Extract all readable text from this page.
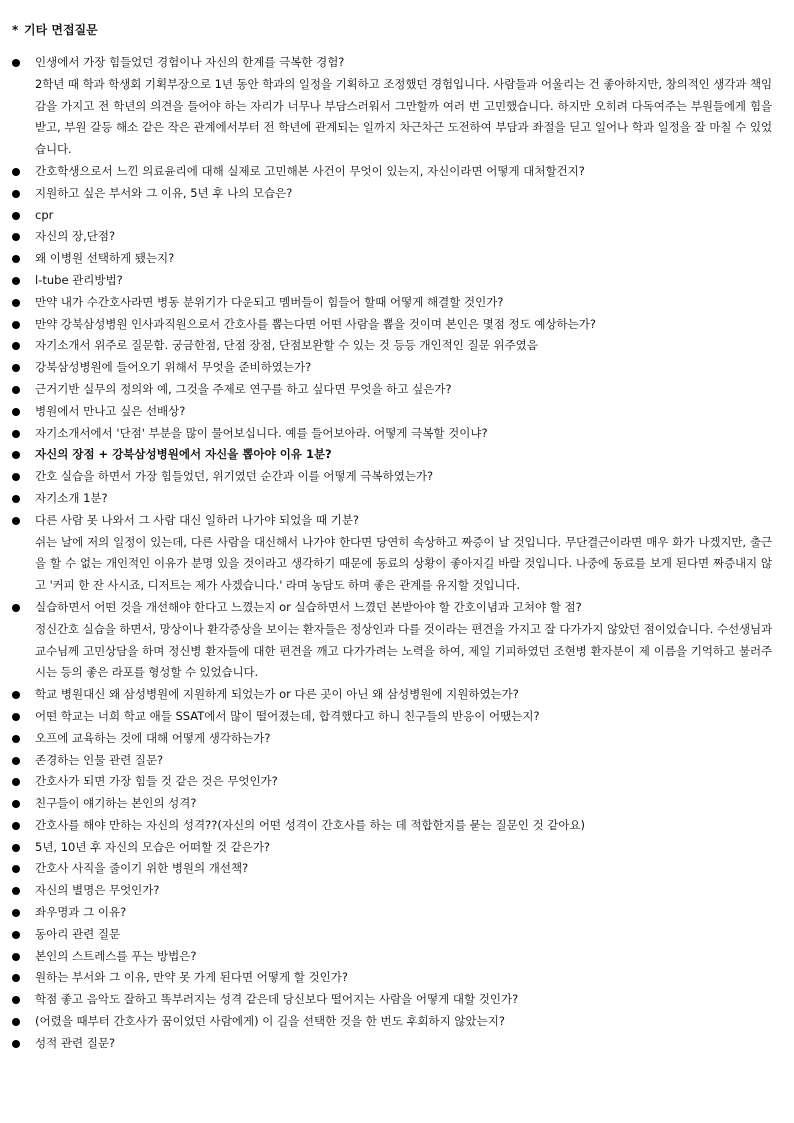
* 기타 면접질문
인생에서 가장 힘들었던 경험이나 자신의 한계를 극복한 경험?
2학년 때 학과 학생회 기획부장으로 1년 동안 학과의 일정을 기획하고 조정했던 경험입니다. 사람들과 어울리는 건 좋아하지만, 창의적인 생각과 책임감을 가지고 전 학년의 의견을 들어야 하는 자리가 너무나 부담스러워서 그만할까 여러 번 고민했습니다. 하지만 오히려 다독여주는 부원들에게 힘을 받고, 부원 갈등 해소 같은 작은 관계에서부터 전 학년에 관계되는 일까지 차근차근 도전하여 부담과 좌절을 딛고 일어나 학과 일정을 잘 마칠 수 있었습니다.
간호학생으로서 느낀 의료윤리에 대해 실제로 고민해본 사건이 무엇이 있는지, 자신이라면 어떻게 대처할건지?
지원하고 싶은 부서와 그 이유, 5년 후 나의 모습은?
cpr
자신의 장,단점?
왜 이병원 선택하게 됐는지?
l-tube 관리방법?
만약 내가 수간호사라면 병동 분위기가 다운되고 멤버들이 힘들어 할때 어떻게 해결할 것인가?
만약 강북삼성병원 인사과직원으로서 간호사를 뽑는다면 어떤 사람을 뽑을 것이며 본인은 몇점 정도 예상하는가?
자기소개서 위주로 질문함. 궁금한점, 단점 장점, 단점보완할 수 있는 것 등등 개인적인 질문 위주였음
강북삼성병원에 들어오기 위해서 무엇을 준비하였는가?
근거기반 실무의 정의와 예, 그것을 주제로 연구를 하고 싶다면 무엇을 하고 싶은가?
병원에서 만나고 싶은 선배상?
자기소개서에서 '단점' 부분을 많이 물어보십니다. 예를 들어보아라. 어떻게 극복할 것이냐?
자신의 장점 + 강북삼성병원에서 자신을 뽑아야 이유 1분?
간호 실습을 하면서 가장 힘들었던, 위기였던 순간과 이를 어떻게 극복하였는가?
자기소개 1분?
다른 사람 못 나와서 그 사람 대신 일하러 나가야 되었을 때 기분?
쉬는 날에 저의 일정이 있는데, 다른 사람을 대신해서 나가야 한다면 당연히 속상하고 짜증이 날 것입니다. 무단결근이라면 매우 화가 나겠지만, 출근을 할 수 없는 개인적인 이유가 분명 있을 것이라고 생각하기 때문에 동료의 상황이 좋아지길 바랄 것입니다. 나중에 동료를 보게 된다면 짜증내지 않고 '커피 한 잔 사시죠, 디저트는 제가 사겠습니다.' 라며 농담도 하며 좋은 관계를 유지할 것입니다.
실습하면서 어떤 것을 개선해야 한다고 느꼈는지 or 실습하면서 느꼈던 본받아야 할 간호이념과 고쳐야 할 점?
정신간호 실습을 하면서, 망상이나 환각증상을 보이는 환자들은 정상인과 다를 것이라는 편견을 가지고 잘 다가가지 않았던 점이었습니다. 수선생님과 교수님께 고민상담을 하며 정신병 환자들에 대한 편견을 깨고 다가가려는 노력을 하여, 제일 기피하였던 조현병 환자분이 제 이름을 기억하고 불러주시는 등의 좋은 라포를 형성할 수 있었습니다.
학교 병원대신 왜 삼성병원에 지원하게 되었는가 or 다른 곳이 아닌 왜 삼성병원에 지원하였는가?
어떤 학교는 너희 학교 애들 SSAT에서 많이 떨어졌는데, 합격했다고 하니 친구들의 반응이 어땠는지?
오프에 교육하는 것에 대해 어떻게 생각하는가?
존경하는 인물 관련 질문?
간호사가 되면 가장 힘들 것 같은 것은 무엇인가?
친구들이 얘기하는 본인의 성격?
간호사를 해야 만하는 자신의 성격??(자신의 어떤 성격이 간호사를 하는 데 적합한지를 묻는 질문인 것 같아요)
5년, 10년 후 자신의 모습은 어떠할 것 같은가?
간호사 사직을 줄이기 위한 병원의 개선책?
자신의 별명은 무엇인가?
좌우명과 그 이유?
동아리 관련 질문
본인의 스트레스를 푸는 방법은?
원하는 부서와 그 이유, 만약 못 가게 된다면 어떻게 할 것인가?
학점 좋고 음악도 잘하고 똑부러지는 성격 같은데 당신보다 떨어지는 사람을 어떻게 대할 것인가?
(어렸을 때부터 간호사가 꿈이었던 사람에게) 이 길을 선택한 것을 한 번도 후회하지 않았는지?
성적 관련 질문?
